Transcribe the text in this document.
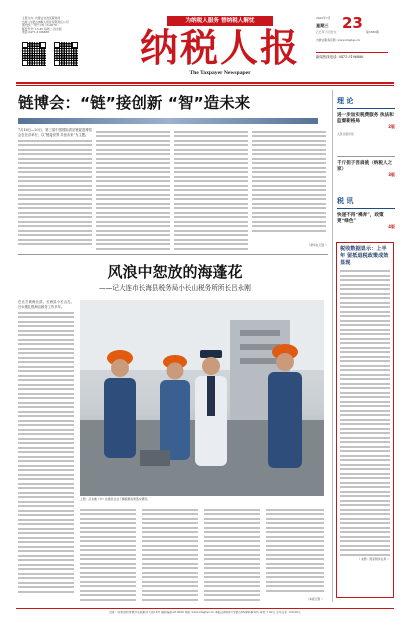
主管主办: 内蒙古自治区税务局
出版: 内蒙古纳税人报社有限责任公司
国内统一刊号 CN 15-0076
邮发代号: 15-45 每周二 四出版
电话 0471-3196888
为纳税人服务 替纳税人解忧
纳税人报
The Taxpayer Newspaper
2025年7月 23
星期三
乙巳年 六月廿九	第3386期
内蒙古税务官网: www.nmgtax.cn
新闻热线电话: 0471-3196886
链博会：“链”接创新 “智”造未来
7月16日—20日，第三届中国国际供应链促进博览会在北京举行，以“链接世界 共创未来”为主题。
（新华社记者 ）
风浪中恕放的海蓬花
——记大连市长海县税务局小长山税务所所长吕永刚
在北方黄海北部，长海县小长山岛，吕永刚扎根海岛税务工作多年。
上图：吕永刚（中）在辖区企业了解税费政策落实情况。
（本报记者 ）
理 论
进一步加实税费服务 执法和监督新格局
2版
人民日报评论
千斤担子吾肩挑（纳税人之家）
3版
税 讯
快递不再“裸奔”，政策更“绿色”
4版
税收数据显示：上半年 留抵退税政策成效显现
（ 来源：国家税务总局 ）
社址：呼和浩特市赛罕区敕勒川大街16号 邮政编码 010020 网址 www.nmgtax.cn 本报法律顾问 内蒙古XX律师事务所 每份 1.50元 全年定价 150.00元
